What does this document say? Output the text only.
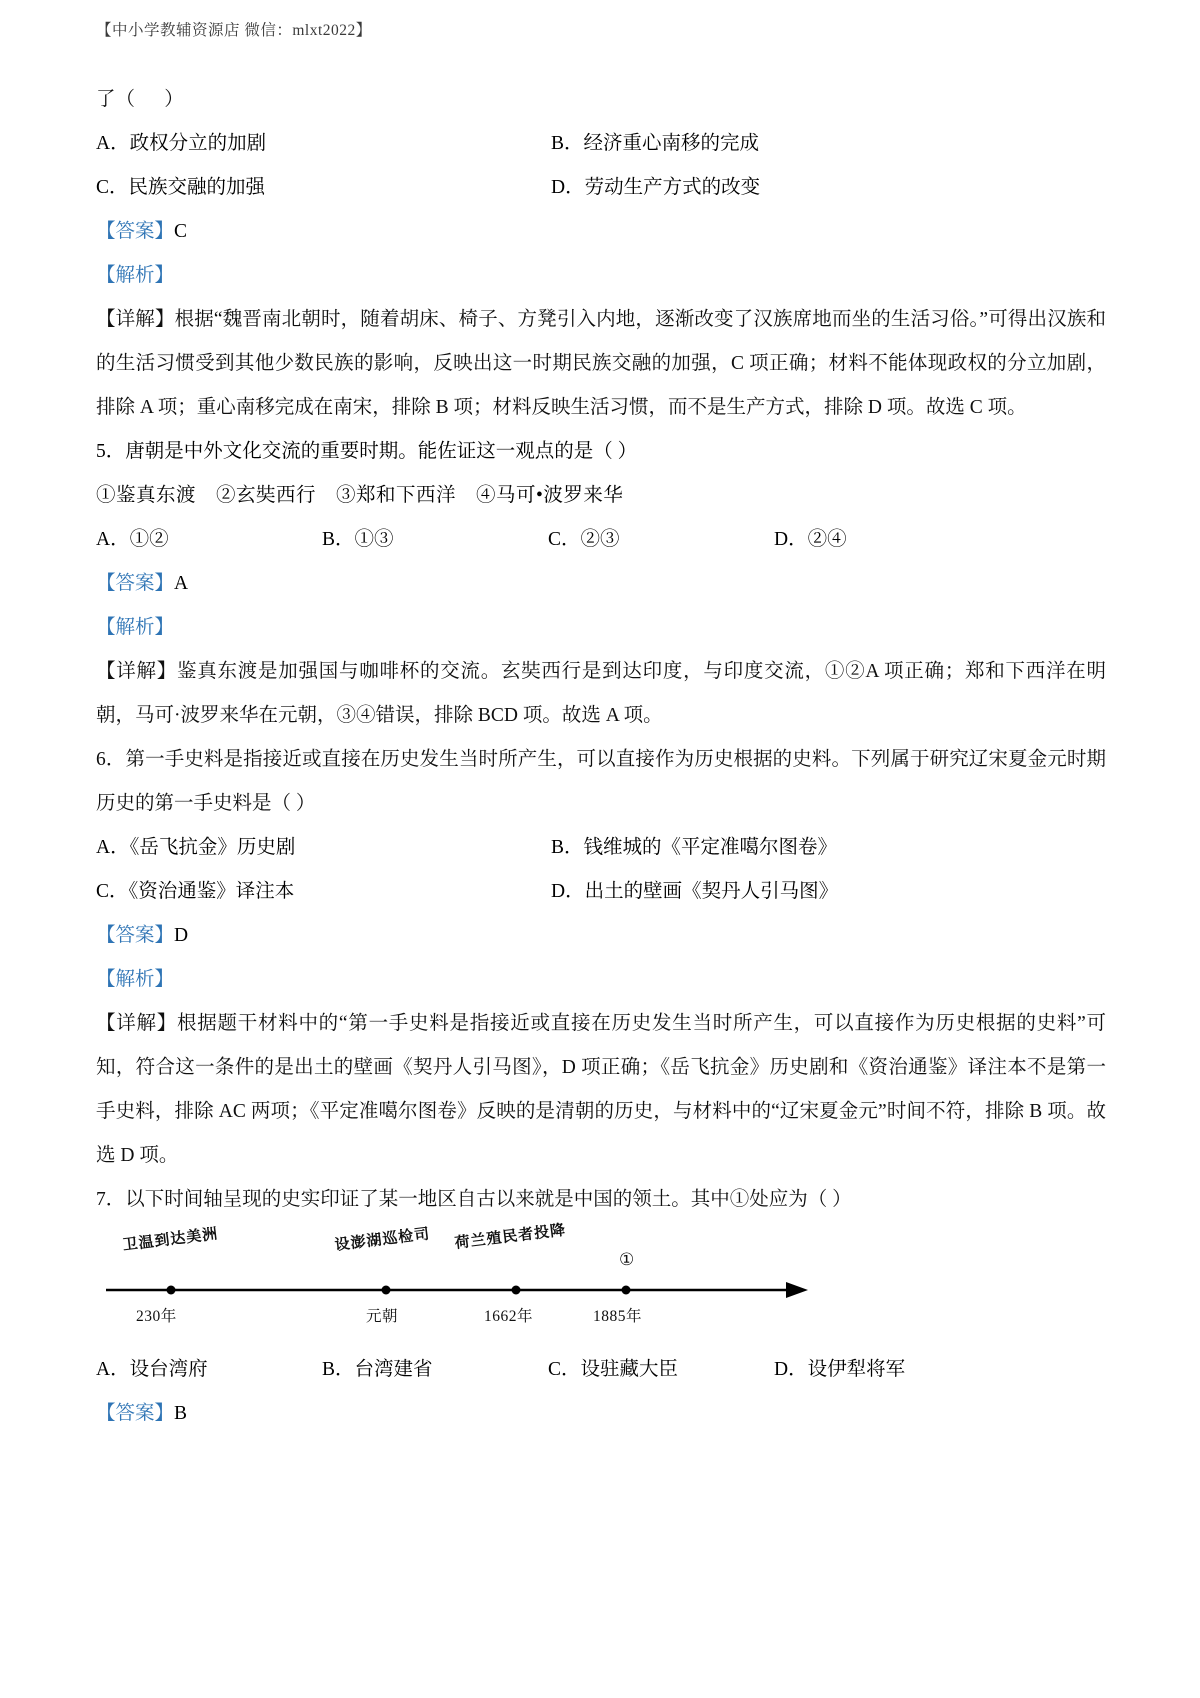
【中小学教辅资源店 微信：mlxt2022】
了（      ）
A．政权分立的加剧	B．经济重心南移的完成
C．民族交融的加强	D．劳动生产方式的改变
【答案】C
【解析】
【详解】根据“魏晋南北朝时，随着胡床、椅子、方凳引入内地，逐渐改变了汉族席地而坐的生活习俗。”可得出汉族和的生活习惯受到其他少数民族的影响，反映出这一时期民族交融的加强，C 项正确；材料不能体现政权的分立加剧，排除 A 项；重心南移完成在南宋，排除 B 项；材料反映生活习惯，而不是生产方式，排除 D 项。故选 C 项。
5．唐朝是中外文化交流的重要时期。能佐证这一观点的是（ ）
①鉴真东渡　②玄奘西行　③郑和下西洋　④马可•波罗来华
A．①②	B．①③	C．②③	D．②④
【答案】A
【解析】
【详解】鉴真东渡是加强国与咖啡杯的交流。玄奘西行是到达印度，与印度交流，①②A 项正确；郑和下西洋在明朝，马可·波罗来华在元朝，③④错误，排除 BCD 项。故选 A 项。
6．第一手史料是指接近或直接在历史发生当时所产生，可以直接作为历史根据的史料。下列属于研究辽宋夏金元时期历史的第一手史料是（ ）
A．《岳飞抗金》历史剧	B．钱维城的《平定准噶尔图卷》
C．《资治通鉴》译注本	D．出土的壁画《契丹人引马图》
【答案】D
【解析】
【详解】根据题干材料中的“第一手史料是指接近或直接在历史发生当时所产生，可以直接作为历史根据的史料”可知，符合这一条件的是出土的壁画《契丹人引马图》，D 项正确；《岳飞抗金》历史剧和《资治通鉴》译注本不是第一手史料，排除 AC 两项；《平定准噶尔图卷》反映的是清朝的历史，与材料中的“辽宋夏金元”时间不符，排除 B 项。故选 D 项。
7．以下时间轴呈现的史实印证了某一地区自古以来就是中国的领土。其中①处应为（ ）
卫温到达美洲
230年
设澎湖巡检司
元朝
荷兰殖民者投降
1662年
①
1885年
A．设台湾府	B．台湾建省	C．设驻藏大臣	D．设伊犁将军
【答案】B
